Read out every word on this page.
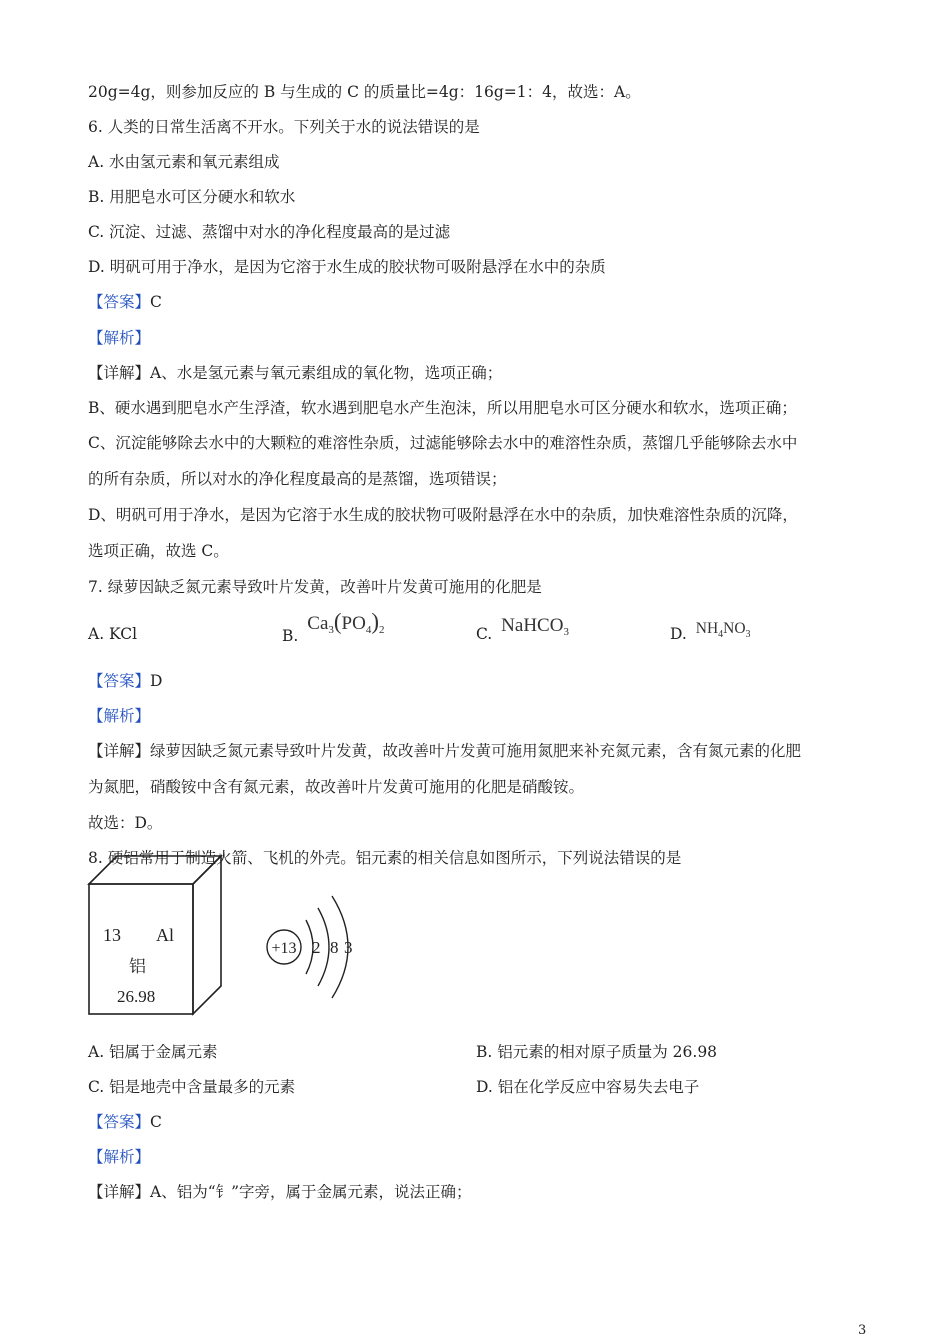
20g=4g，则参加反应的 B 与生成的 C 的质量比=4g：16g=1：4，故选：A。
6. 人类的日常生活离不开水。下列关于水的说法错误的是
A. 水由氢元素和氧元素组成
B. 用肥皂水可区分硬水和软水
C. 沉淀、过滤、蒸馏中对水的净化程度最高的是过滤
D. 明矾可用于净水，是因为它溶于水生成的胶状物可吸附悬浮在水中的杂质
【答案】C
【解析】
【详解】A、水是氢元素与氧元素组成的氧化物，选项正确；
B、硬水遇到肥皂水产生浮渣，软水遇到肥皂水产生泡沫，所以用肥皂水可区分硬水和软水，选项正确；
C、沉淀能够除去水中的大颗粒的难溶性杂质，过滤能够除去水中的难溶性杂质，蒸馏几乎能够除去水中
的所有杂质，所以对水的净化程度最高的是蒸馏，选项错误；
D、明矾可用于净水，是因为它溶于水生成的胶状物可吸附悬浮在水中的杂质，加快难溶性杂质的沉降，
选项正确，故选 C。
7. 绿萝因缺乏氮元素导致叶片发黄，改善叶片发黄可施用的化肥是
A. KCl	B. $Ca_3(PO_4)_2$	C. NaHCO$_3$	D. $NH_4NO_3$
【答案】D
【解析】
【详解】绿萝因缺乏氮元素导致叶片发黄，故改善叶片发黄可施用氮肥来补充氮元素，含有氮元素的化肥
为氮肥，硝酸铵中含有氮元素，故改善叶片发黄可施用的化肥是硝酸铵。
故选：D。
8. 硬铝常用于制造火箭、飞机的外壳。铝元素的相关信息如图所示，下列说法错误的是
13 Al
铝
26.98
+13 2 8 3
A. 铝属于金属元素	B. 铝元素的相对原子质量为 26.98
C. 铝是地壳中含量最多的元素	D. 铝在化学反应中容易失去电子
【答案】C
【解析】
【详解】A、铝为“钅”字旁，属于金属元素，说法正确；
3
